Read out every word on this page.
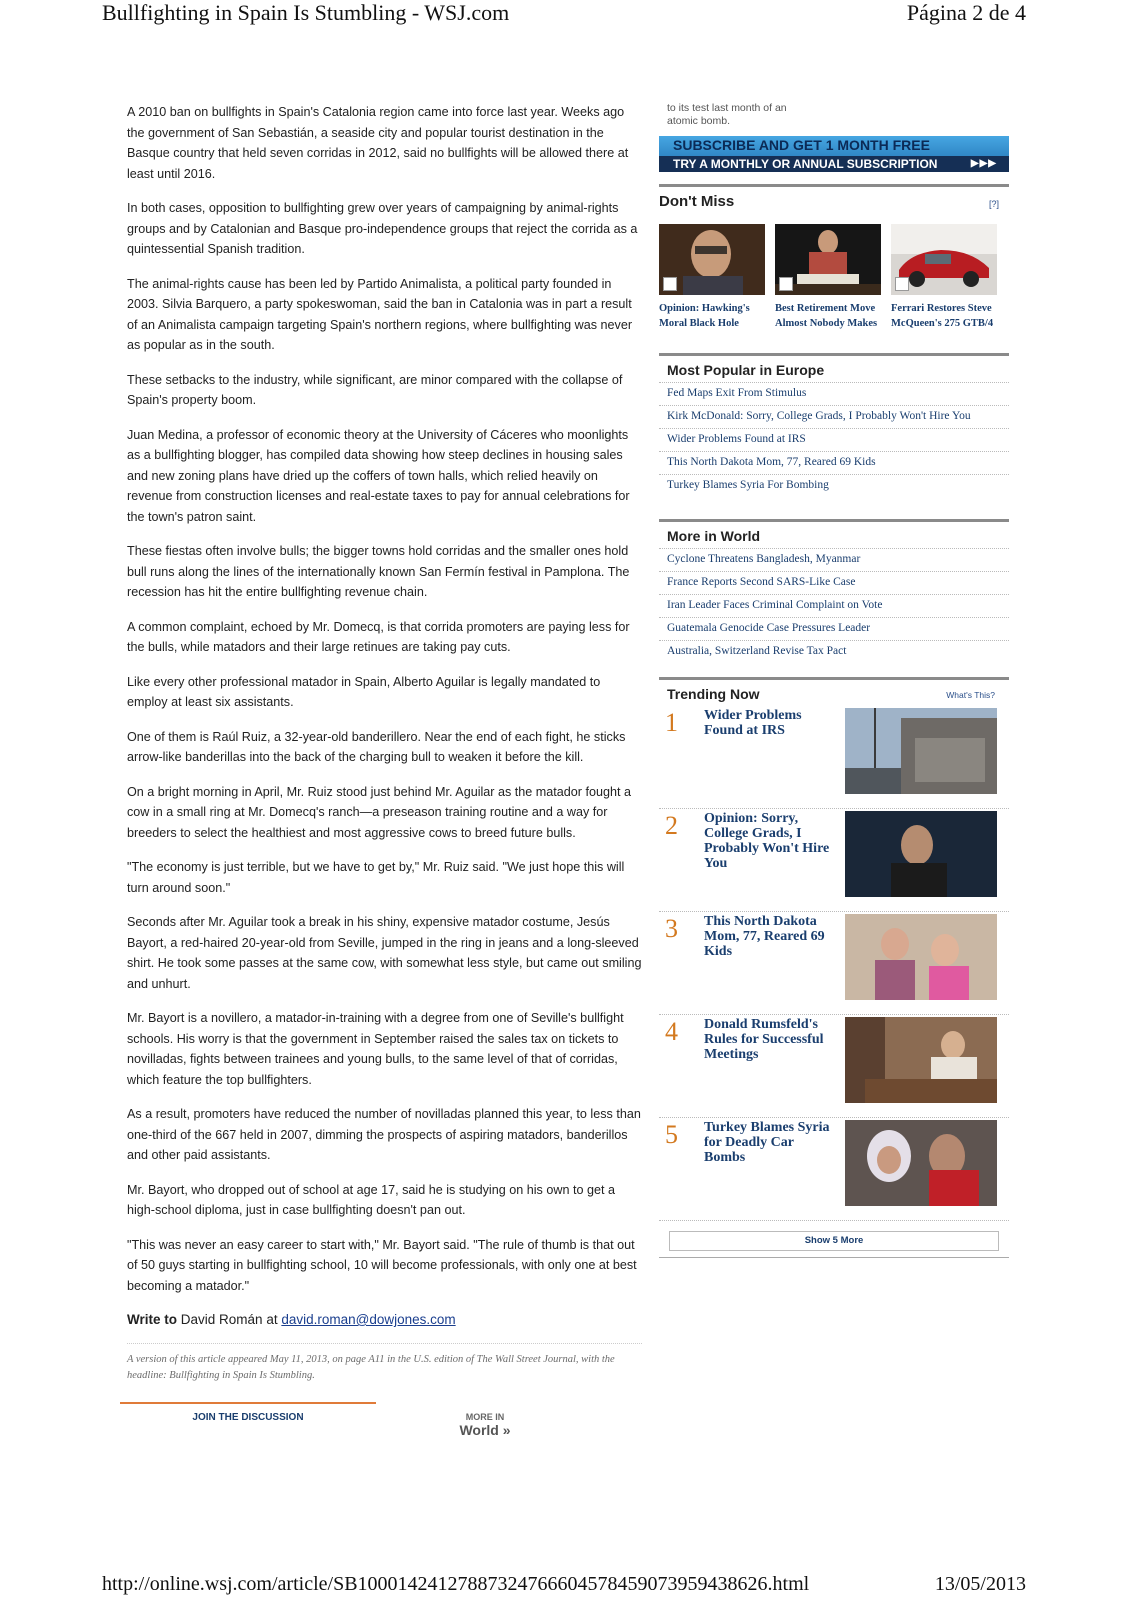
Bullfighting in Spain Is Stumbling - WSJ.com	Página 2 de 4

A 2010 ban on bullfights in Spain's Catalonia region came into force last year. Weeks ago the government of San Sebastián, a seaside city and popular tourist destination in the Basque country that held seven corridas in 2012, said no bullfights will be allowed there at least until 2016.

In both cases, opposition to bullfighting grew over years of campaigning by animal-rights groups and by Catalonian and Basque pro-independence groups that reject the corrida as a quintessential Spanish tradition.

The animal-rights cause has been led by Partido Animalista, a political party founded in 2003. Silvia Barquero, a party spokeswoman, said the ban in Catalonia was in part a result of an Animalista campaign targeting Spain's northern regions, where bullfighting was never as popular as in the south.

These setbacks to the industry, while significant, are minor compared with the collapse of Spain's property boom.

Juan Medina, a professor of economic theory at the University of Cáceres who moonlights as a bullfighting blogger, has compiled data showing how steep declines in housing sales and new zoning plans have dried up the coffers of town halls, which relied heavily on revenue from construction licenses and real-estate taxes to pay for annual celebrations for the town's patron saint.

These fiestas often involve bulls; the bigger towns hold corridas and the smaller ones hold bull runs along the lines of the internationally known San Fermín festival in Pamplona. The recession has hit the entire bullfighting revenue chain.

A common complaint, echoed by Mr. Domecq, is that corrida promoters are paying less for the bulls, while matadors and their large retinues are taking pay cuts.

Like every other professional matador in Spain, Alberto Aguilar is legally mandated to employ at least six assistants.

One of them is Raúl Ruiz, a 32-year-old banderillero. Near the end of each fight, he sticks arrow-like banderillas into the back of the charging bull to weaken it before the kill.

On a bright morning in April, Mr. Ruiz stood just behind Mr. Aguilar as the matador fought a cow in a small ring at Mr. Domecq's ranch—a preseason training routine and a way for breeders to select the healthiest and most aggressive cows to breed future bulls.

"The economy is just terrible, but we have to get by," Mr. Ruiz said. "We just hope this will turn around soon."

Seconds after Mr. Aguilar took a break in his shiny, expensive matador costume, Jesús Bayort, a red-haired 20-year-old from Seville, jumped in the ring in jeans and a long-sleeved shirt. He took some passes at the same cow, with somewhat less style, but came out smiling and unhurt.

Mr. Bayort is a novillero, a matador-in-training with a degree from one of Seville's bullfight schools. His worry is that the government in September raised the sales tax on tickets to novilladas, fights between trainees and young bulls, to the same level of that of corridas, which feature the top bullfighters.

As a result, promoters have reduced the number of novilladas planned this year, to less than one-third of the 667 held in 2007, dimming the prospects of aspiring matadors, banderillos and other paid assistants.

Mr. Bayort, who dropped out of school at age 17, said he is studying on his own to get a high-school diploma, just in case bullfighting doesn't pan out.

"This was never an easy career to start with," Mr. Bayort said. "The rule of thumb is that out of 50 guys starting in bullfighting school, 10 will become professionals, with only one at best becoming a matador."

Write to David Román at david.roman@dowjones.com

A version of this article appeared May 11, 2013, on page A11 in the U.S. edition of The Wall Street Journal, with the headline: Bullfighting in Spain Is Stumbling.

JOIN THE DISCUSSION	MORE IN
World »
to its test last month of an atomic bomb.
SUBSCRIBE AND GET 1 MONTH FREE
TRY A MONTHLY OR ANNUAL SUBSCRIPTION	▶▶▶
Don't Miss	[?]
Opinion: Hawking's Moral Black Hole
Best Retirement Move Almost Nobody Makes
Ferrari Restores Steve McQueen's 275 GTB/4
Most Popular in Europe
Fed Maps Exit From Stimulus
Kirk McDonald: Sorry, College Grads, I Probably Won't Hire You
Wider Problems Found at IRS
This North Dakota Mom, 77, Reared 69 Kids
Turkey Blames Syria For Bombing
More in World
Cyclone Threatens Bangladesh, Myanmar
France Reports Second SARS-Like Case
Iran Leader Faces Criminal Complaint on Vote
Guatemala Genocide Case Pressures Leader
Australia, Switzerland Revise Tax Pact
Trending Now	What's This?
1 Wider Problems Found at IRS
2 Opinion: Sorry, College Grads, I Probably Won't Hire You
3 This North Dakota Mom, 77, Reared 69 Kids
4 Donald Rumsfeld's Rules for Successful Meetings
5 Turkey Blames Syria for Deadly Car Bombs
Show 5 More
http://online.wsj.com/article/SB10001424127887324766604578459073959438626.html	13/05/2013
